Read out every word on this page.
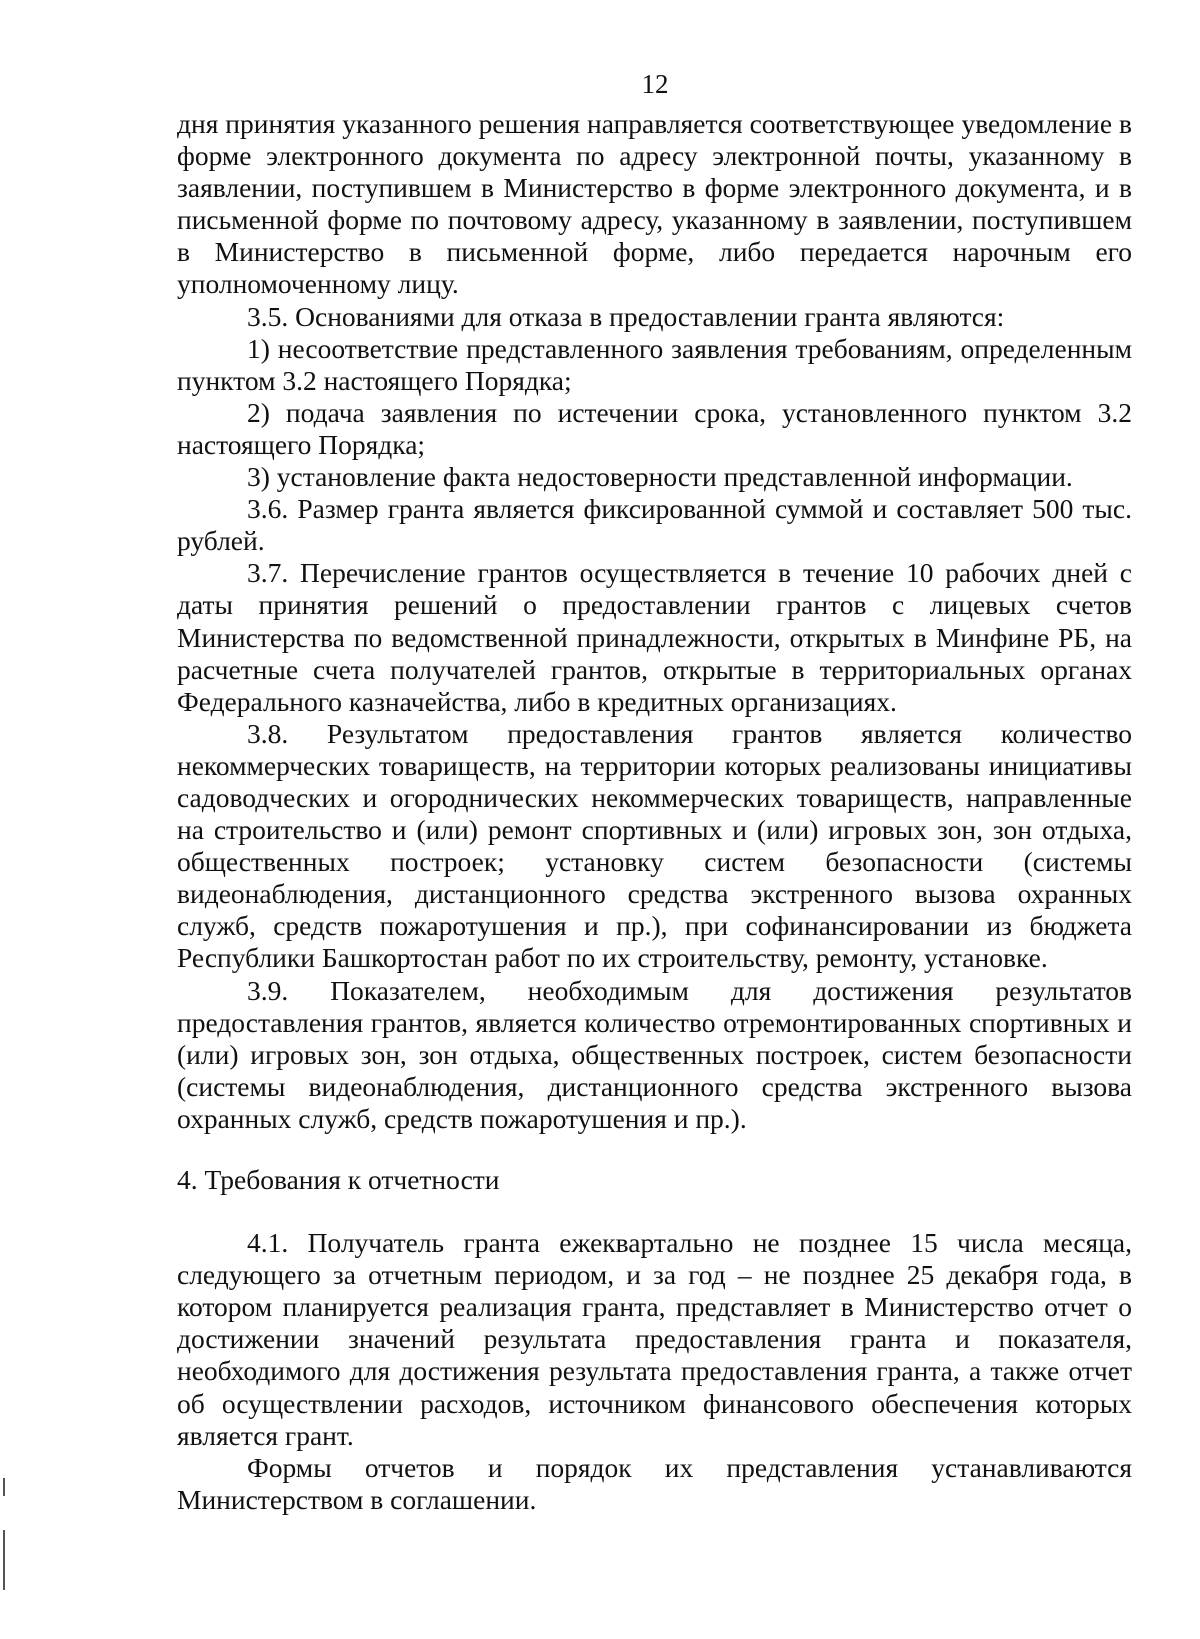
12

дня принятия указанного решения направляется соответствующее уведомление в форме электронного документа по адресу электронной почты, указанному в заявлении, поступившем в Министерство в форме электронного документа, и в письменной форме по почтовому адресу, указанному в заявлении, поступившем в Министерство в письменной форме, либо передается нарочным его уполномоченному лицу.

3.5. Основаниями для отказа в предоставлении гранта являются:

1) несоответствие представленного заявления требованиям, определенным пунктом 3.2 настоящего Порядка;

2) подача заявления по истечении срока, установленного пунктом 3.2 настоящего Порядка;

3) установление факта недостоверности представленной информации.

3.6. Размер гранта является фиксированной суммой и составляет 500 тыс. рублей.

3.7. Перечисление грантов осуществляется в течение 10 рабочих дней с даты принятия решений о предоставлении грантов с лицевых счетов Министерства по ведомственной принадлежности, открытых в Минфине РБ, на расчетные счета получателей грантов, открытые в территориальных органах Федерального казначейства, либо в кредитных организациях.

3.8. Результатом предоставления грантов является количество некоммерческих товариществ, на территории которых реализованы инициативы садоводческих и огороднических некоммерческих товариществ, направленные на строительство и (или) ремонт спортивных и (или) игровых зон, зон отдыха, общественных построек; установку систем безопасности (системы видеонаблюдения, дистанционного средства экстренного вызова охранных служб, средств пожаротушения и пр.), при софинансировании из бюджета Республики Башкортостан работ по их строительству, ремонту, установке.

3.9. Показателем, необходимым для достижения результатов предоставления грантов, является количество отремонтированных спортивных и (или) игровых зон, зон отдыха, общественных построек, систем безопасности (системы видеонаблюдения, дистанционного средства экстренного вызова охранных служб, средств пожаротушения и пр.).

4. Требования к отчетности

4.1. Получатель гранта ежеквартально не позднее 15 числа месяца, следующего за отчетным периодом, и за год – не позднее 25 декабря года, в котором планируется реализация гранта, представляет в Министерство отчет о достижении значений результата предоставления гранта и показателя, необходимого для достижения результата предоставления гранта, а также отчет об осуществлении расходов, источником финансового обеспечения которых является грант.

Формы отчетов и порядок их представления устанавливаются Министерством в соглашении.
